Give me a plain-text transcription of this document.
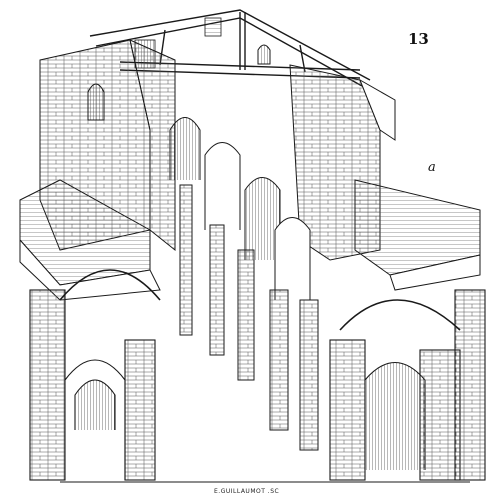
13
a
E.GUILLAUMOT .SC
